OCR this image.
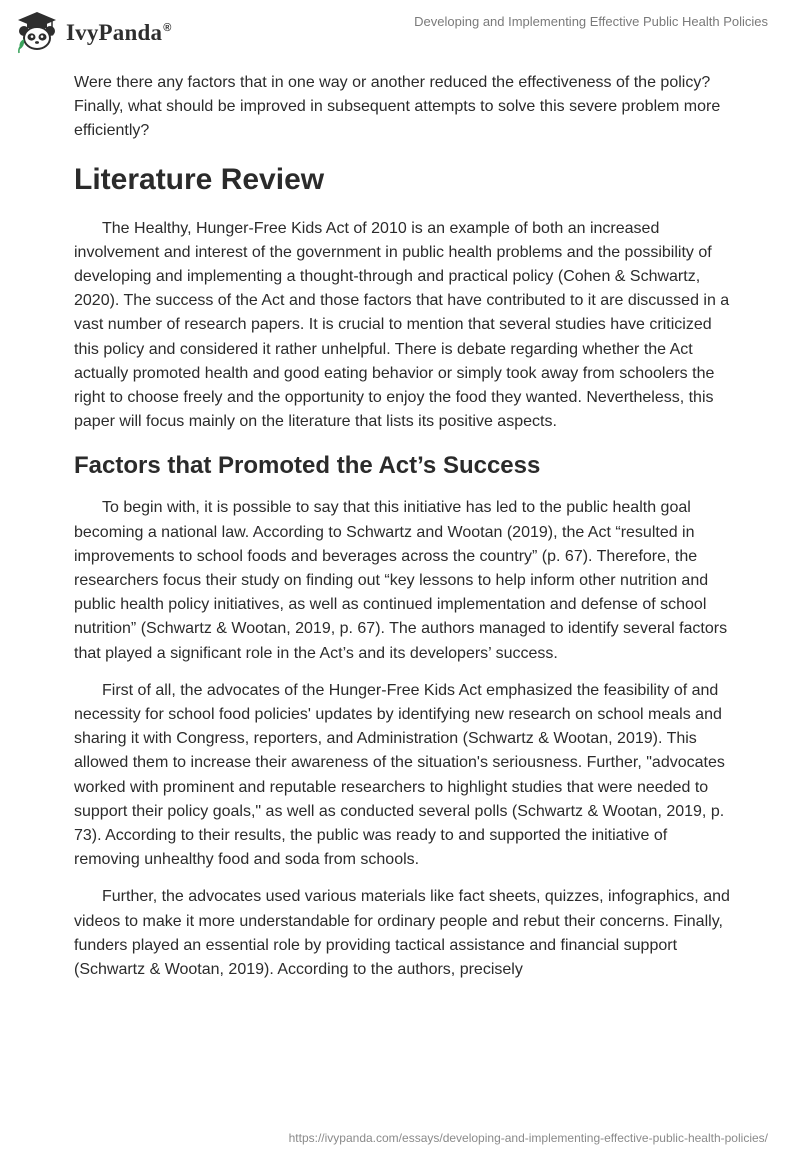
IvyPanda®	Developing and Implementing Effective Public Health Policies

Were there any factors that in one way or another reduced the effectiveness of the policy? Finally, what should be improved in subsequent attempts to solve this severe problem more efficiently?

Literature Review

The Healthy, Hunger-Free Kids Act of 2010 is an example of both an increased involvement and interest of the government in public health problems and the possibility of developing and implementing a thought-through and practical policy (Cohen & Schwartz, 2020). The success of the Act and those factors that have contributed to it are discussed in a vast number of research papers. It is crucial to mention that several studies have criticized this policy and considered it rather unhelpful. There is debate regarding whether the Act actually promoted health and good eating behavior or simply took away from schoolers the right to choose freely and the opportunity to enjoy the food they wanted. Nevertheless, this paper will focus mainly on the literature that lists its positive aspects.

Factors that Promoted the Act’s Success

To begin with, it is possible to say that this initiative has led to the public health goal becoming a national law. According to Schwartz and Wootan (2019), the Act “resulted in improvements to school foods and beverages across the country” (p. 67). Therefore, the researchers focus their study on finding out “key lessons to help inform other nutrition and public health policy initiatives, as well as continued implementation and defense of school nutrition” (Schwartz & Wootan, 2019, p. 67). The authors managed to identify several factors that played a significant role in the Act’s and its developers’ success.

First of all, the advocates of the Hunger-Free Kids Act emphasized the feasibility of and necessity for school food policies' updates by identifying new research on school meals and sharing it with Congress, reporters, and Administration (Schwartz & Wootan, 2019). This allowed them to increase their awareness of the situation's seriousness. Further, "advocates worked with prominent and reputable researchers to highlight studies that were needed to support their policy goals," as well as conducted several polls (Schwartz & Wootan, 2019, p. 73). According to their results, the public was ready to and supported the initiative of removing unhealthy food and soda from schools.

Further, the advocates used various materials like fact sheets, quizzes, infographics, and videos to make it more understandable for ordinary people and rebut their concerns. Finally, funders played an essential role by providing tactical assistance and financial support (Schwartz & Wootan, 2019). According to the authors, precisely

https://ivypanda.com/essays/developing-and-implementing-effective-public-health-policies/
